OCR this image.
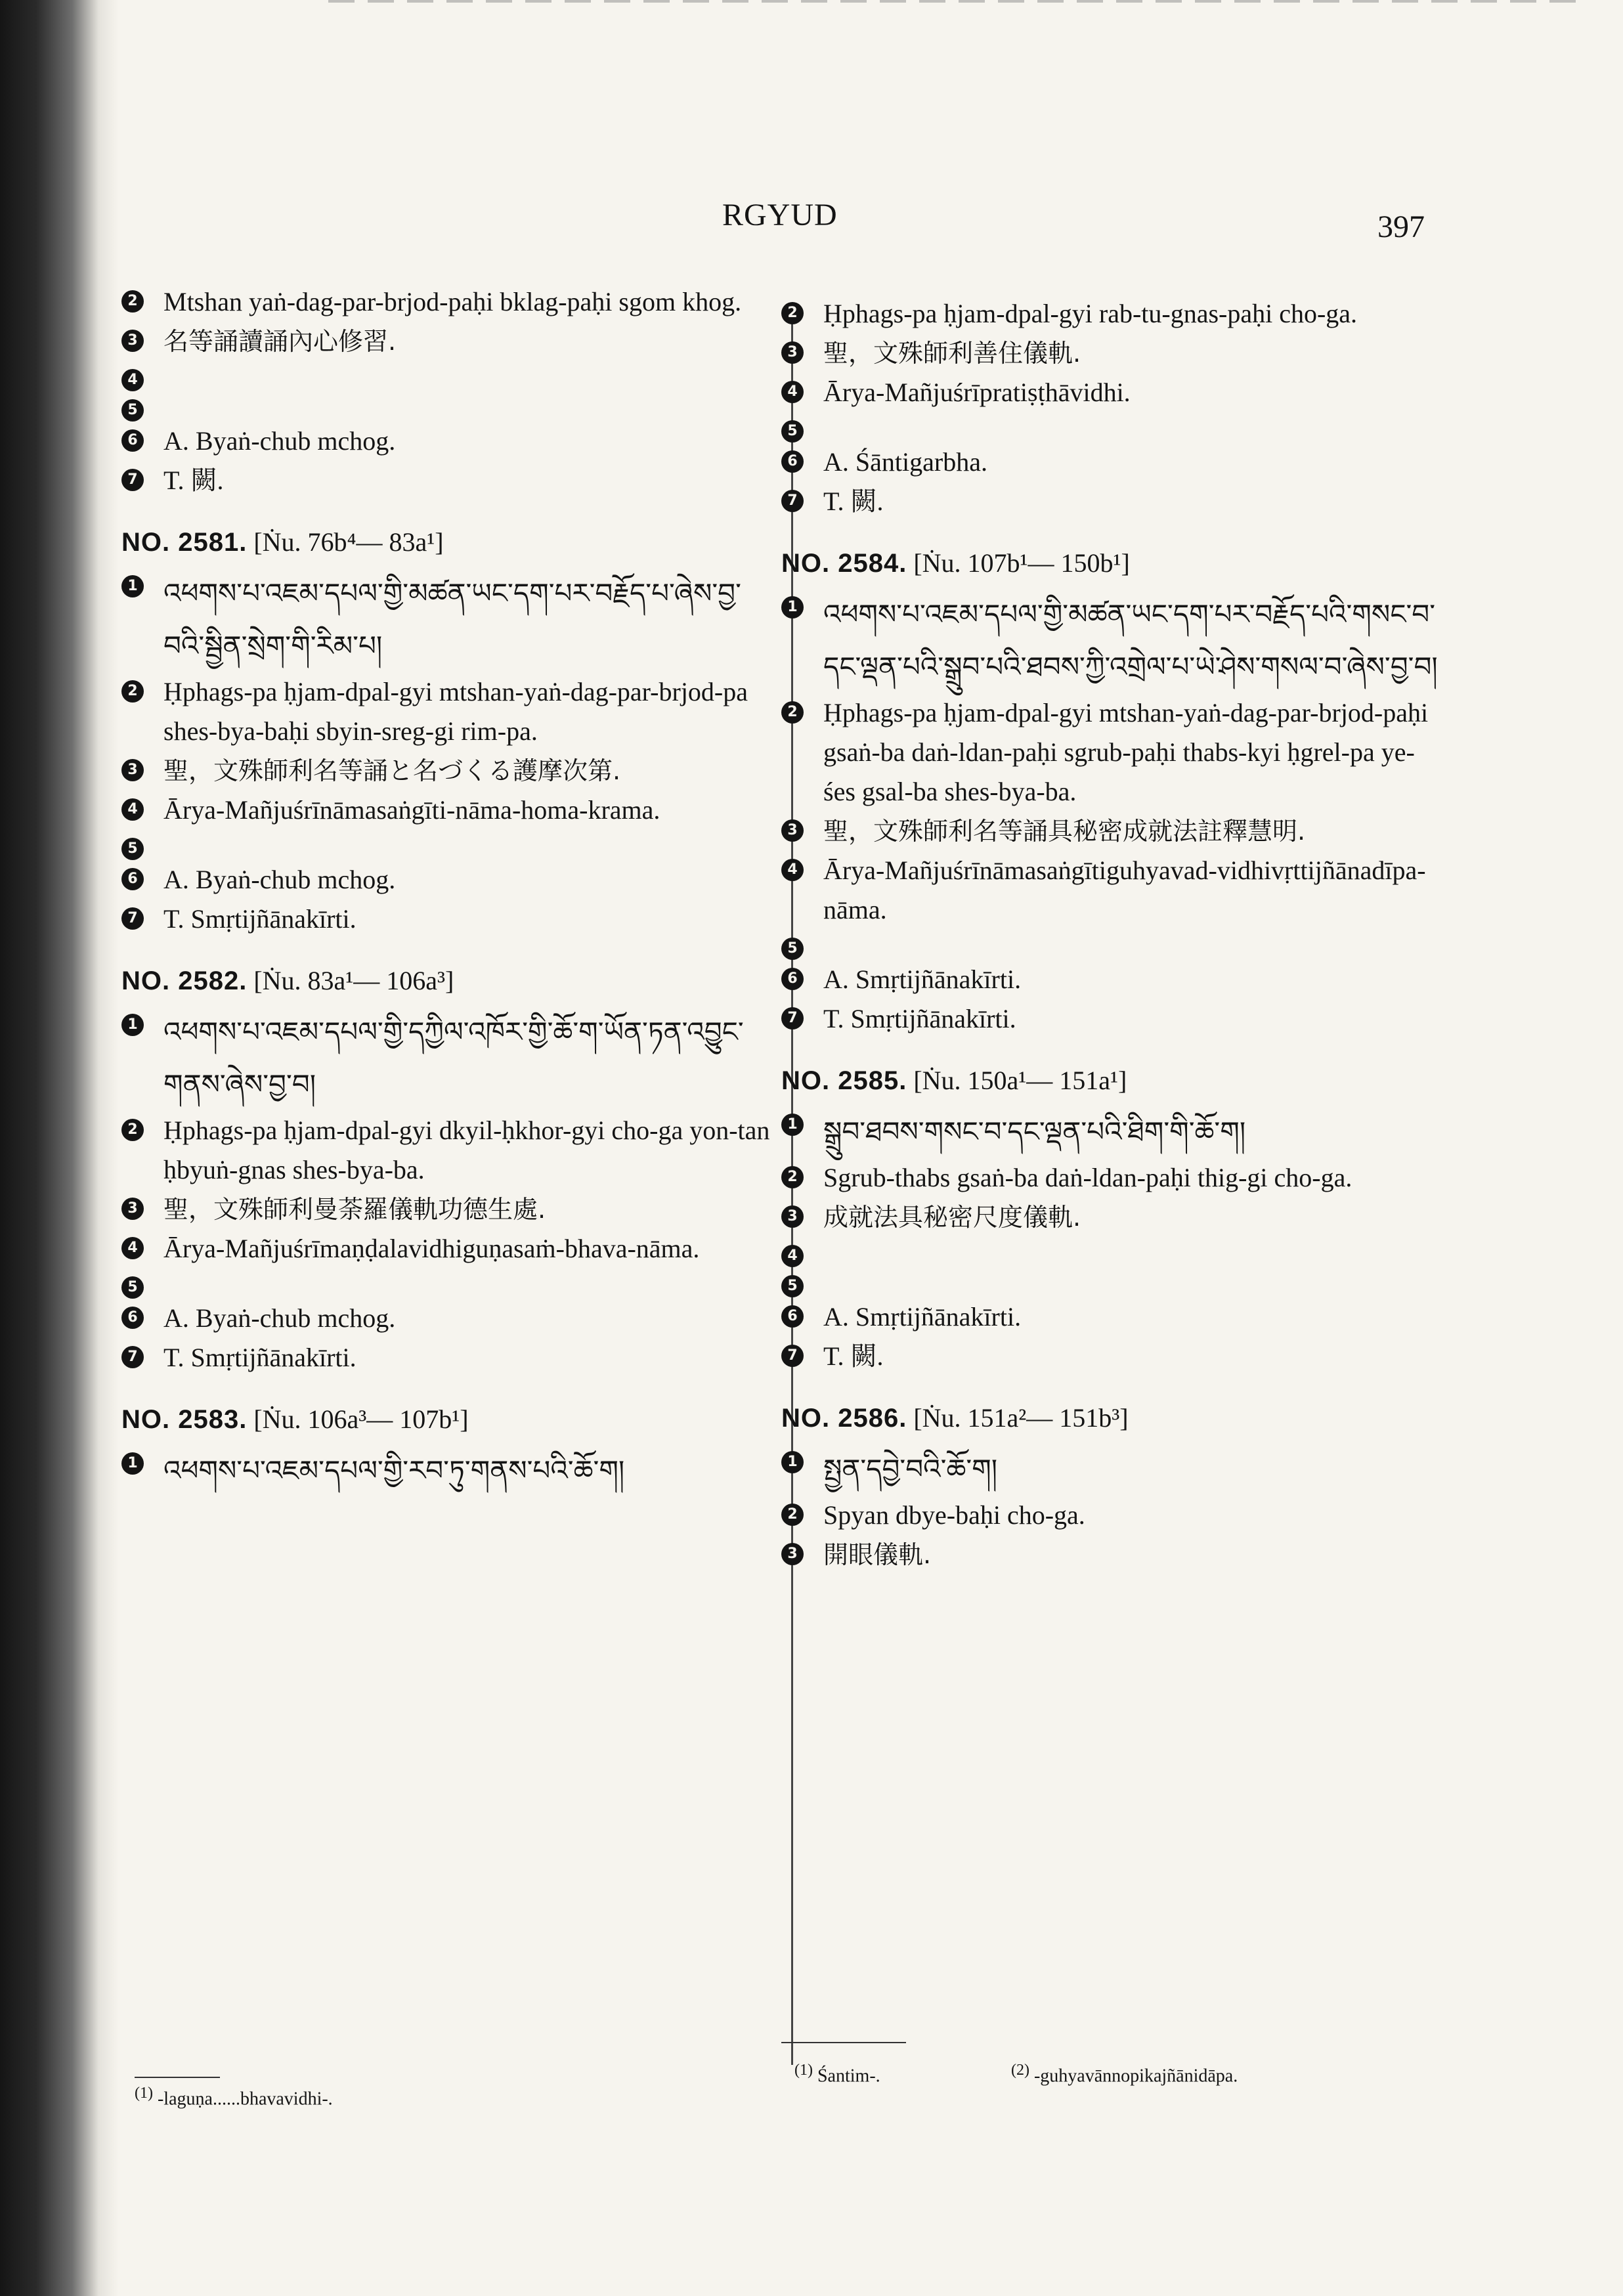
RGYUD	397
2 Mtshan yaṅ-dag-par-brjod-paḥi bklag-paḥi sgom khog.
3 名等誦讀誦內心修習.
4
5
6 A. Byaṅ-chub mchog.
7 T. 闕.
NO. 2581. [Ṅu. 76b⁴— 83a¹]
1 འཕགས་པ་འཇམ་དཔལ་གྱི་མཚན་ཡང་དག་པར་བརྗོད་པ་ཞེས་བྱ་བའི་སྦྱིན་སྲེག་གི་རིམ་པ།
2 Ḥphags-pa ḥjam-dpal-gyi mtshan-yaṅ-dag-par-brjod-pa shes-bya-baḥi sbyin-sreg-gi rim-pa.
3 聖，文殊師利名等誦と名づくる護摩次第.
4 Ārya-Mañjuśrīnāmasaṅgīti-nāma-homa-krama.
5
6 A. Byaṅ-chub mchog.
7 T. Smṛtijñānakīrti.
NO. 2582. [Ṅu. 83a¹— 106a³]
1 འཕགས་པ་འཇམ་དཔལ་གྱི་དཀྱིལ་འཁོར་གྱི་ཆོ་ག་ཡོན་ཏན་འབྱུང་གནས་ཞེས་བྱ་བ།
2 Ḥphags-pa ḥjam-dpal-gyi dkyil-ḥkhor-gyi cho-ga yon-tan ḥbyuṅ-gnas shes-bya-ba.
3 聖，文殊師利曼荼羅儀軌功德生處.
4 Ārya-Mañjuśrīmaṇḍalavidhiguṇasaṁ-bhava-nāma.
5
6 A. Byaṅ-chub mchog.
7 T. Smṛtijñānakīrti.
NO. 2583. [Ṅu. 106a³— 107b¹]
1 འཕགས་པ་འཇམ་དཔལ་གྱི་རབ་ཏུ་གནས་པའི་ཆོ་ག།
(1) -laguṇa......bhavavidhi-.
2 Ḥphags-pa ḥjam-dpal-gyi rab-tu-gnas-paḥi cho-ga.
3 聖，文殊師利善住儀軌.
4 Ārya-Mañjuśrīpratiṣṭhāvidhi.
5
6 A. Śāntigarbha.
7 T. 闕.
NO. 2584. [Ṅu. 107b¹— 150b¹]
1 འཕགས་པ་འཇམ་དཔལ་གྱི་མཚན་ཡང་དག་པར་བརྗོད་པའི་གསང་བ་དང་ལྡན་པའི་སྒྲུབ་པའི་ཐབས་ཀྱི་འགྲེལ་པ་ཡེ་ཤེས་གསལ་བ་ཞེས་བྱ་བ།
2 Ḥphags-pa ḥjam-dpal-gyi mtshan-yaṅ-dag-par-brjod-paḥi gsaṅ-ba daṅ-ldan-paḥi sgrub-paḥi thabs-kyi ḥgrel-pa ye-śes gsal-ba shes-bya-ba.
3 聖，文殊師利名等誦具秘密成就法註釋慧明.
4 Ārya-Mañjuśrīnāmasaṅgītiguhyavad-vidhivṛttijñānadīpa-nāma.
5
6 A. Smṛtijñānakīrti.
7 T. Smṛtijñānakīrti.
NO. 2585. [Ṅu. 150a¹— 151a¹]
1 སྒྲུབ་ཐབས་གསང་བ་དང་ལྡན་པའི་ཐིག་གི་ཆོ་ག།
2 Sgrub-thabs gsaṅ-ba daṅ-ldan-paḥi thig-gi cho-ga.
3 成就法具秘密尺度儀軌.
4
5
6 A. Smṛtijñānakīrti.
7 T. 闕.
NO. 2586. [Ṅu. 151a²— 151b³]
1 སྤྱན་དབྱེ་བའི་ཆོ་ག།
2 Spyan dbye-baḥi cho-ga.
3 開眼儀軌.
(1) Śantim-.	(2) -guhyavānnopikajñānidāpa.
